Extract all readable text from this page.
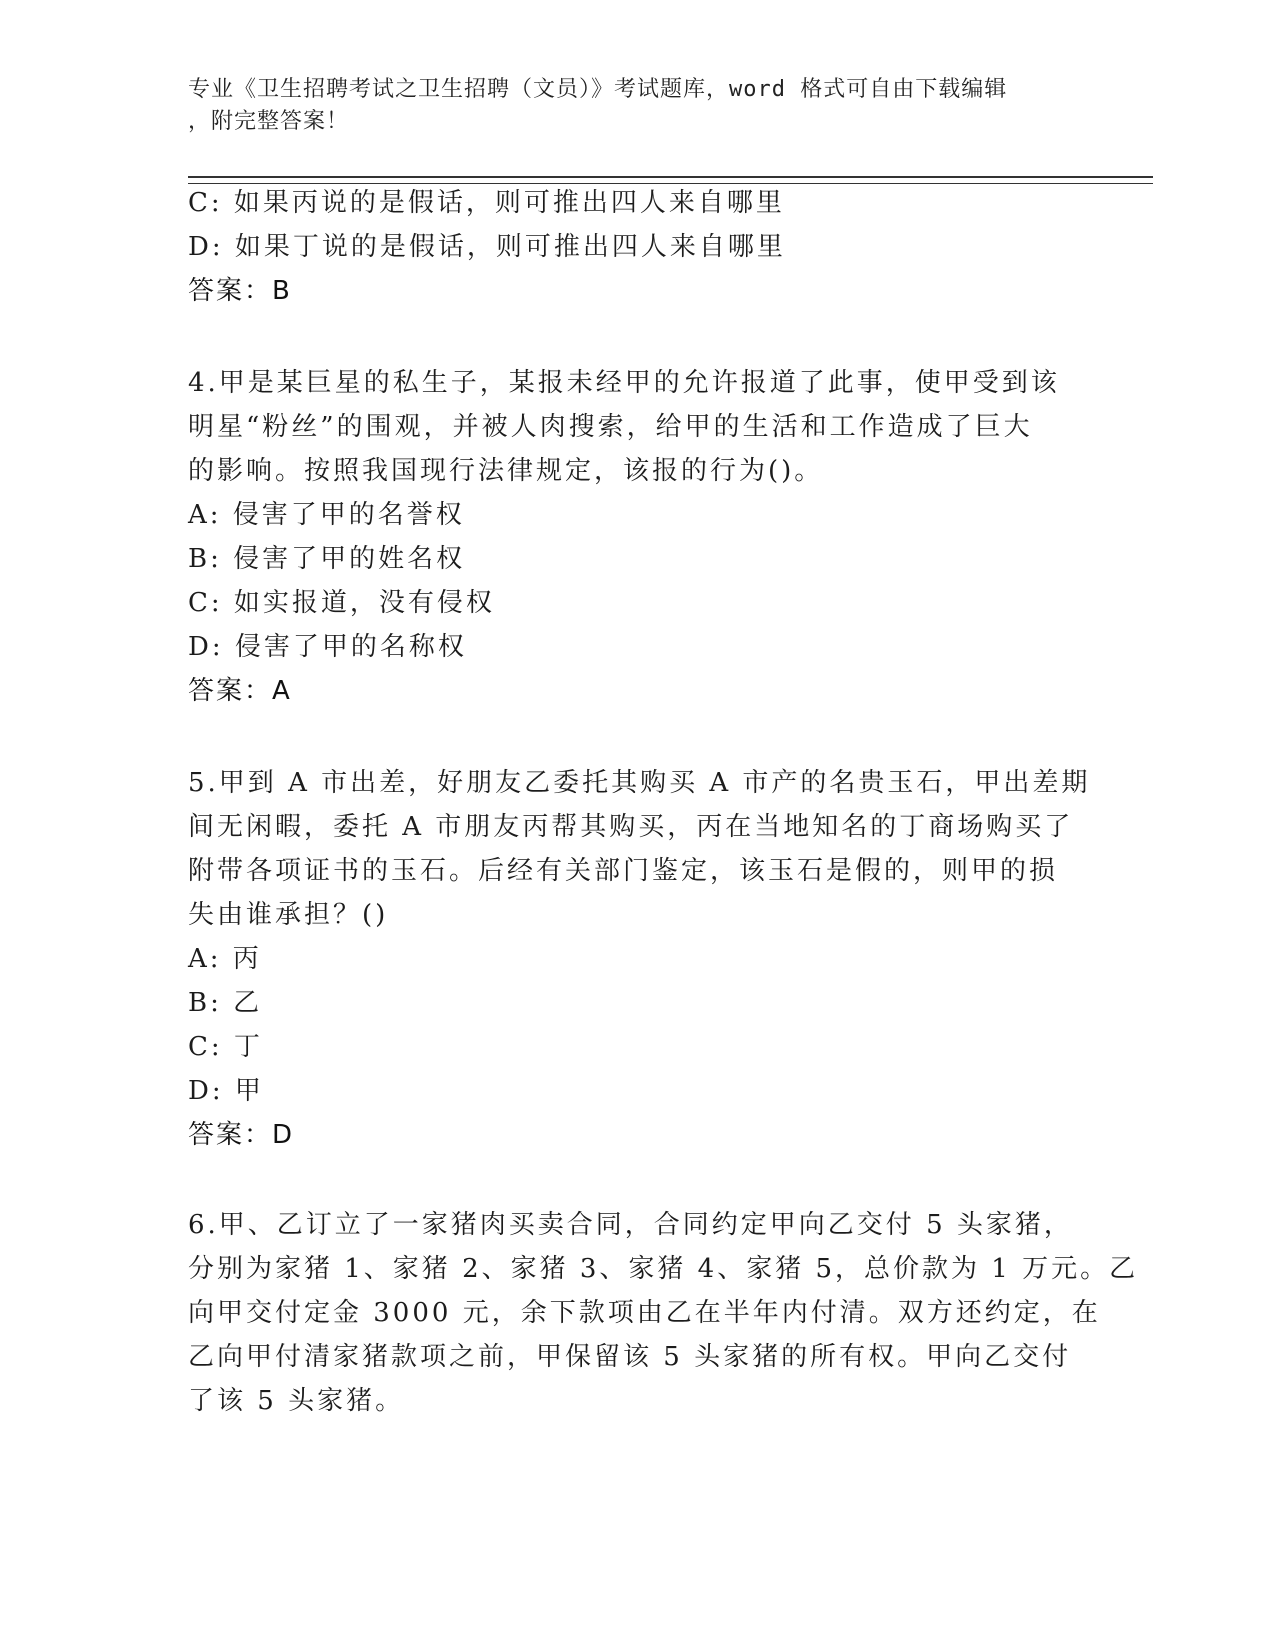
专业《卫生招聘考试之卫生招聘（文员）》考试题库，word 格式可自由下载编辑
，附完整答案！
C: 如果丙说的是假话，则可推出四人来自哪里
D: 如果丁说的是假话，则可推出四人来自哪里
答案：B
4.甲是某巨星的私生子，某报未经甲的允许报道了此事，使甲受到该
明星“粉丝”的围观，并被人肉搜索，给甲的生活和工作造成了巨大
的影响。按照我国现行法律规定，该报的行为()。
A: 侵害了甲的名誉权
B: 侵害了甲的姓名权
C: 如实报道，没有侵权
D: 侵害了甲的名称权
答案：A
5.甲到 A 市出差，好朋友乙委托其购买 A 市产的名贵玉石，甲出差期
间无闲暇，委托 A 市朋友丙帮其购买，丙在当地知名的丁商场购买了
附带各项证书的玉石。后经有关部门鉴定，该玉石是假的，则甲的损
失由谁承担？()
A: 丙
B: 乙
C: 丁
D: 甲
答案：D
6.甲、乙订立了一家猪肉买卖合同，合同约定甲向乙交付 5 头家猪，
分别为家猪 1、家猪 2、家猪 3、家猪 4、家猪 5，总价款为 1 万元。乙
向甲交付定金 3000 元，余下款项由乙在半年内付清。双方还约定，在
乙向甲付清家猪款项之前，甲保留该 5 头家猪的所有权。甲向乙交付
了该 5 头家猪。
